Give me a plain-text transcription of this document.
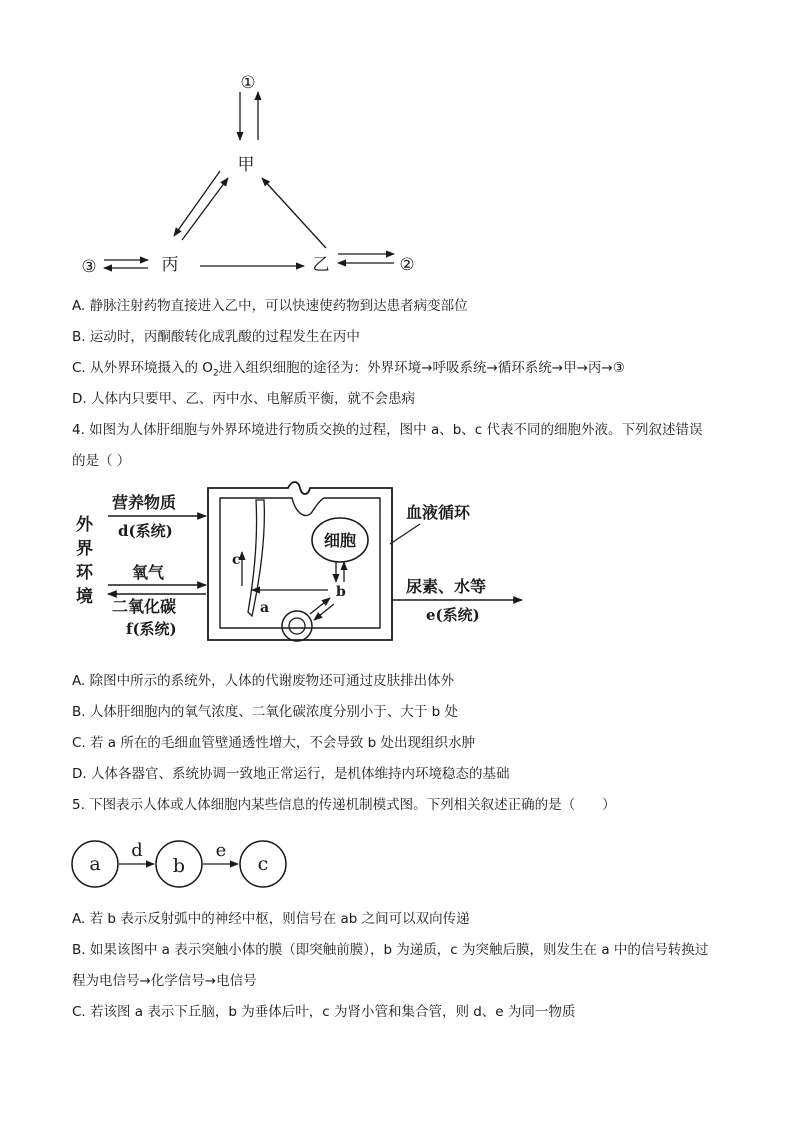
①
甲
③	丙	乙	②
A. 静脉注射药物直接进入乙中，可以快速使药物到达患者病变部位
B. 运动时，丙酮酸转化成乳酸的过程发生在丙中
C. 从外界环境摄入的 $O_2$进入组织细胞的途径为：外界环境→呼吸系统→循环系统→甲→丙→③
D. 人体内只要甲、乙、丙中水、电解质平衡，就不会患病
4. 如图为人体肝细胞与外界环境进行物质交换的过程，图中 a、b、c 代表不同的细胞外液。下列叙述错误
的是（ ）
外
界
环
境
营养物质
d(系统)
氧气
二氧化碳
f(系统)
c
细胞
b
a
血液循环
尿素、水等
e(系统)
A. 除图中所示的系统外，人体的代谢废物还可通过皮肤排出体外
B. 人体肝细胞内的氧气浓度、二氧化碳浓度分别小于、大于 b 处
C. 若 a 所在的毛细血管壁通透性增大，不会导致 b 处出现组织水肿
D. 人体各器官、系统协调一致地正常运行，是机体维持内环境稳态的基础
5. 下图表示人体或人体细胞内某些信息的传递机制模式图。下列相关叙述正确的是（　　）
a
d
b
e
c
A. 若 b 表示反射弧中的神经中枢，则信号在 ab 之间可以双向传递
B. 如果该图中 a 表示突触小体的膜（即突触前膜），b 为递质，c 为突触后膜，则发生在 a 中的信号转换过
程为电信号→化学信号→电信号
C. 若该图 a 表示下丘脑，b 为垂体后叶，c 为肾小管和集合管，则 d、e 为同一物质
